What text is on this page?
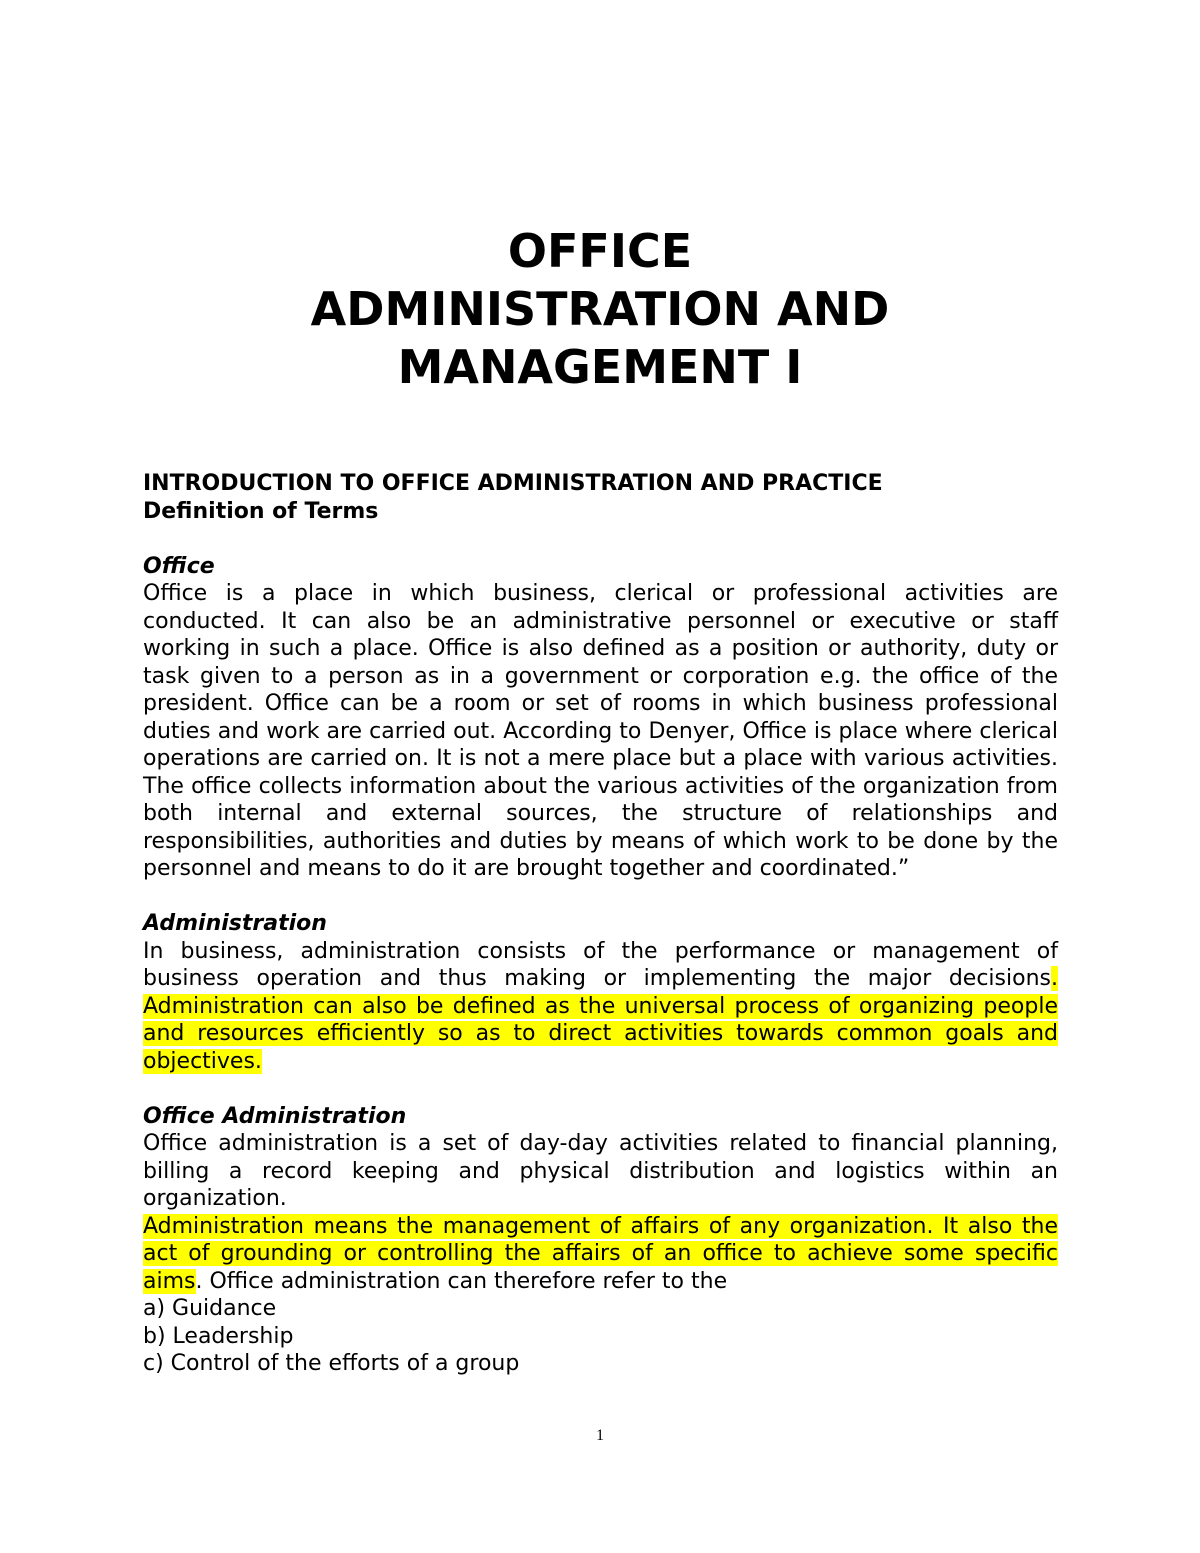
OFFICE
ADMINISTRATION AND
MANAGEMENT I
INTRODUCTION TO OFFICE ADMINISTRATION AND PRACTICE
Definition of Terms
Office
Office is a place in which business, clerical or professional activities are conducted. It can also be an administrative personnel or executive or staff working in such a place. Office is also defined as a position or authority, duty or task given to a person as in a government or corporation e.g. the office of the president. Office can be a room or set of rooms in which business professional duties and work are carried out. According to Denyer, Office is place where clerical operations are carried on. It is not a mere place but a place with various activities. The office collects information about the various activities of the organization from both internal and external sources, the structure of relationships and responsibilities, authorities and duties by means of which work to be done by the personnel and means to do it are brought together and coordinated.”
Administration
In business, administration consists of the performance or management of business operation and thus making or implementing the major decisions. Administration can also be defined as the universal process of organizing people and resources efficiently so as to direct activities towards common goals and objectives.
Office Administration
Office administration is a set of day-day activities related to financial planning, billing a record keeping and physical distribution and logistics within an organization.
Administration means the management of affairs of any organization. It also the act of grounding or controlling the affairs of an office to achieve some specific aims. Office administration can therefore refer to the
a) Guidance
b) Leadership
c) Control of the efforts of a group
1
